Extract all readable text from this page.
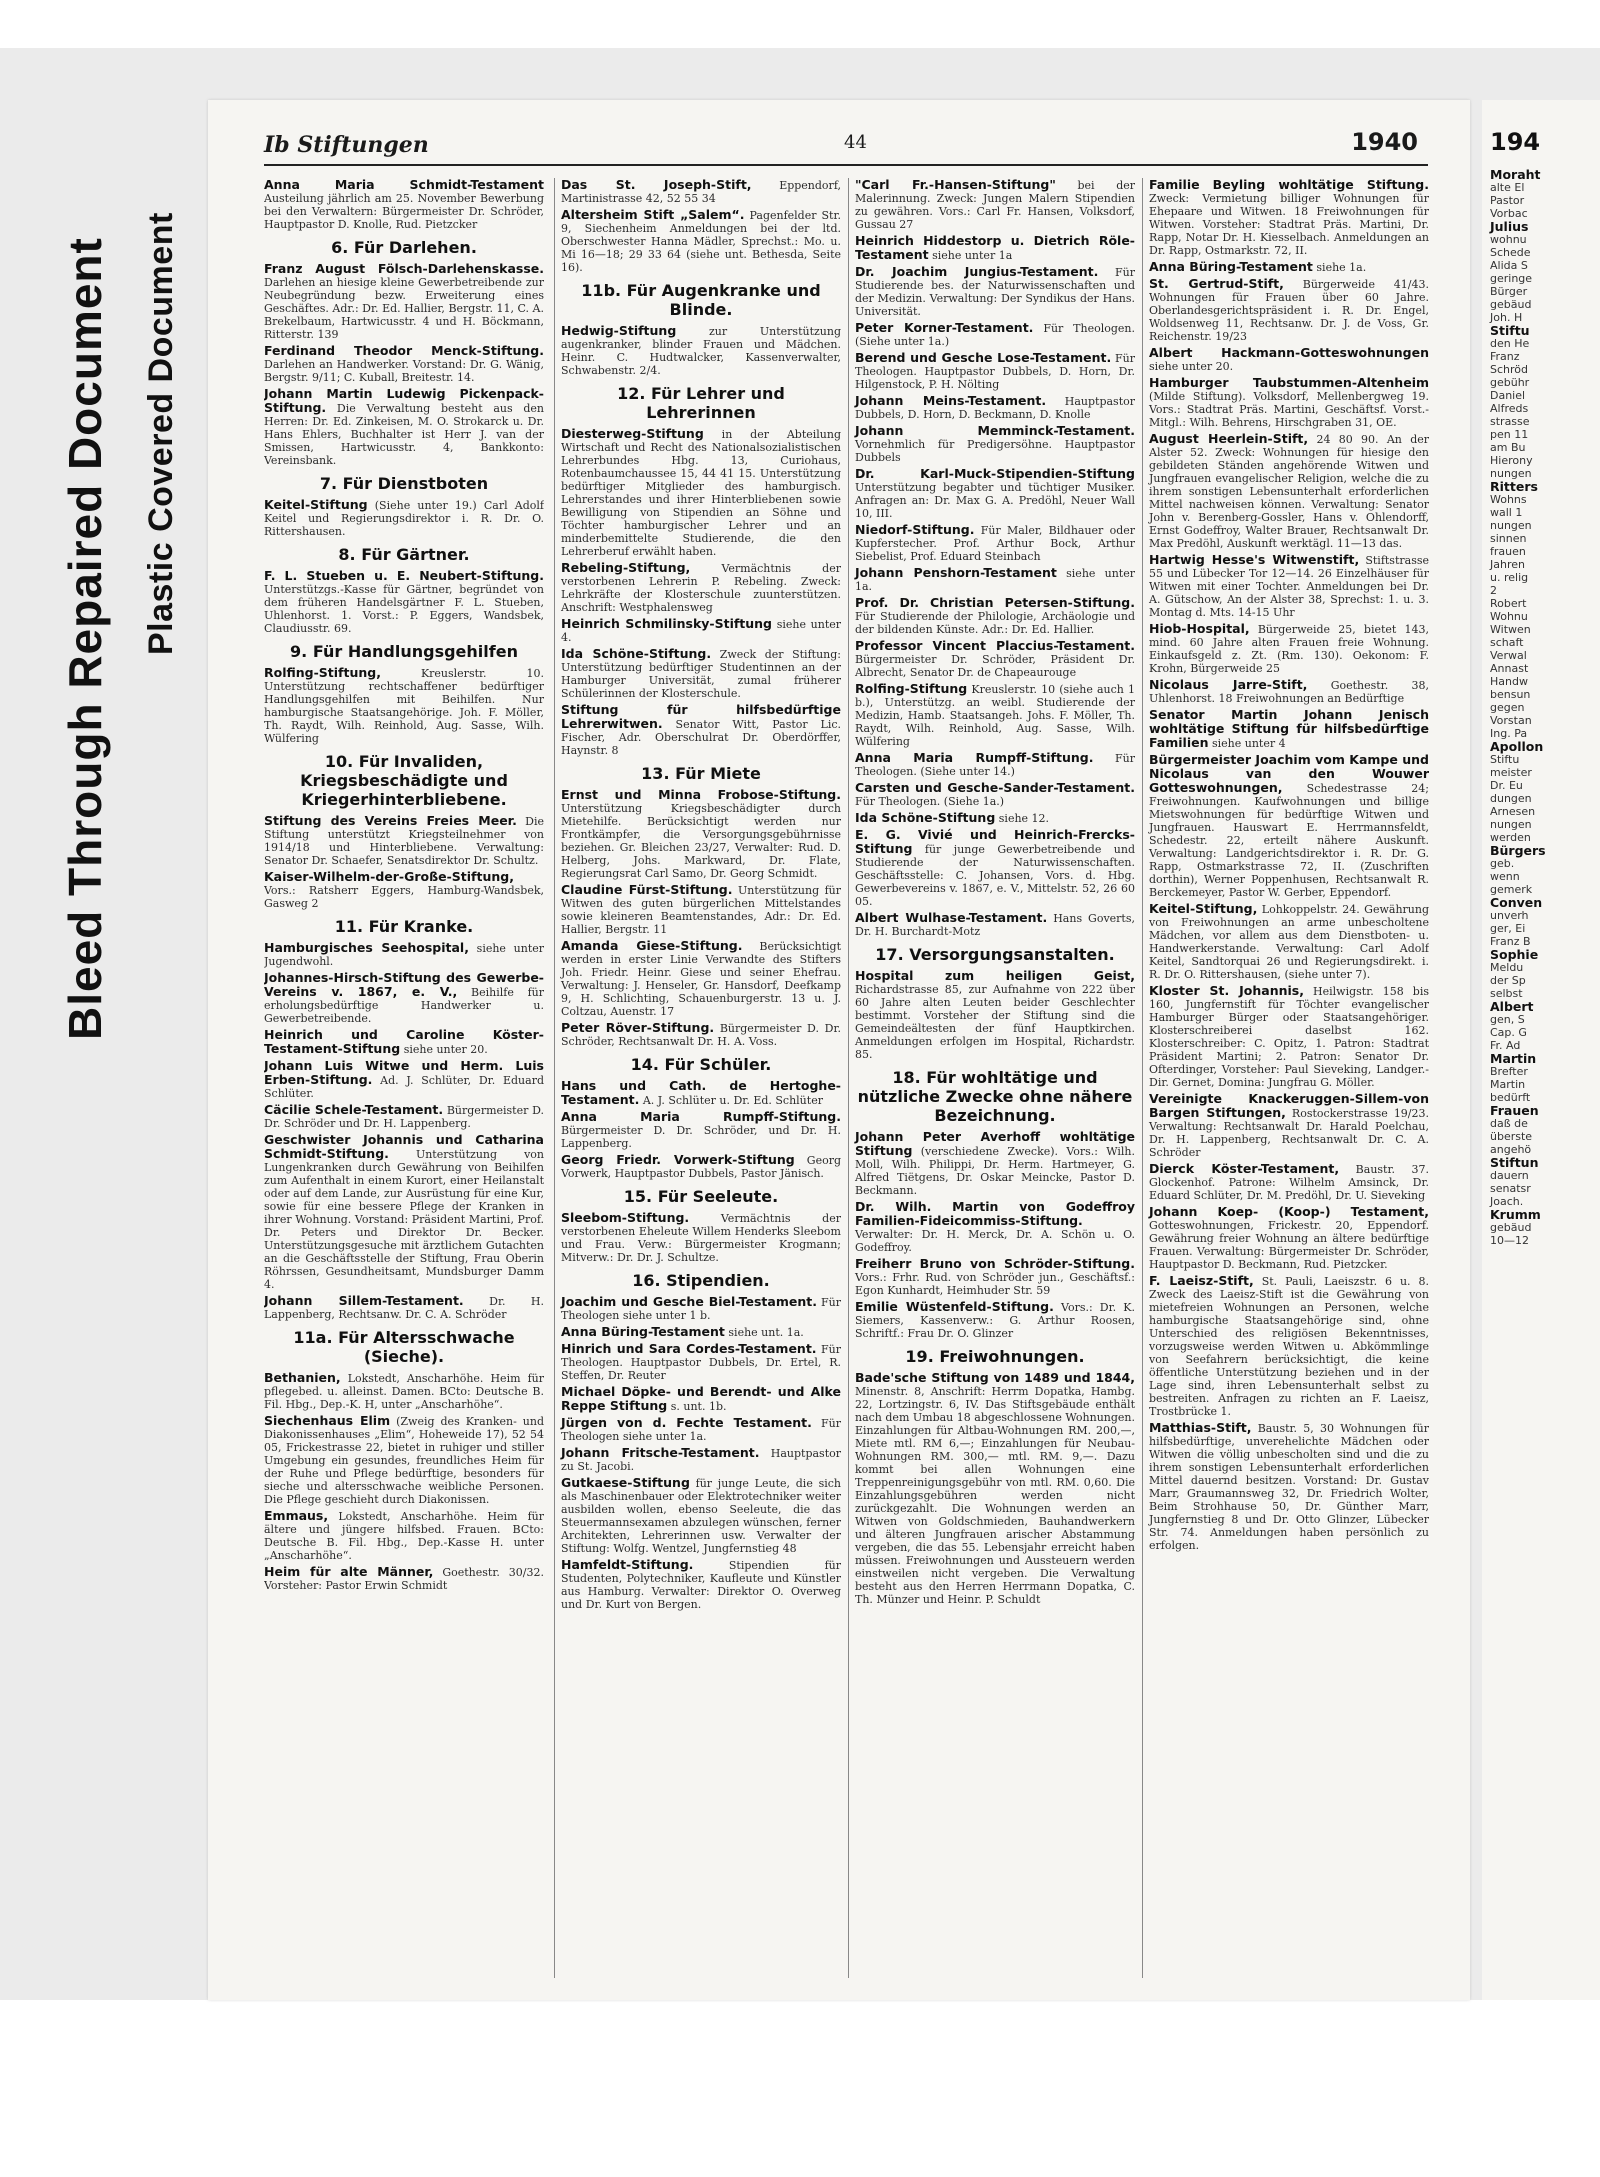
Bleed Through Repaired Document Plastic Covered Document
Ib Stiftungen	44	1940
Anna Maria Schmidt-Testament Austeilung jährlich am 25. November Bewerbung bei den Verwaltern: Bürgermeister Dr. Schröder, Hauptpastor D. Knolle, Rud. Pietzcker
6. Für Darlehen.
Franz August Fölsch-Darlehenskasse. Darlehen an hiesige kleine Gewerbetreibende zur Neubegründung bezw. Erweiterung eines Geschäftes. Adr.: Dr. Ed. Hallier, Bergstr. 11, C. A. Brekelbaum, Hartwicusstr. 4 und H. Böckmann, Ritterstr. 139
Ferdinand Theodor Menck-Stiftung. Darlehen an Handwerker. Vorstand: Dr. G. Wänig, Bergstr. 9/11; C. Kuball, Breitestr. 14.
Johann Martin Ludewig Pickenpack-Stiftung. Die Verwaltung besteht aus den Herren: Dr. Ed. Zinkeisen, M. O. Strokarck u. Dr. Hans Ehlers, Buchhalter ist Herr J. van der Smissen, Hartwicusstr. 4, Bankkonto: Vereinsbank.
7. Für Dienstboten
Keitel-Stiftung (Siehe unter 19.) Carl Adolf Keitel und Regierungsdirektor i. R. Dr. O. Rittershausen.
8. Für Gärtner.
F. L. Stueben u. E. Neubert-Stiftung. Unterstützgs.-Kasse für Gärtner, begründet von dem früheren Handelsgärtner F. L. Stueben, Uhlenhorst. 1. Vorst.: P. Eggers, Wandsbek, Claudiusstr. 69.
9. Für Handlungsgehilfen
Rolfing-Stiftung,	Kreuslerstr. 10. Unterstützung rechtschaffener bedürftiger Handlungsgehilfen mit Beihilfen. Nur hamburgische Staatsangehörige. Joh. F. Möller, Th. Raydt, Wilh. Reinhold, Aug. Sasse, Wilh. Wülfering
10. Für Invaliden, Kriegsbeschädigte und Kriegerhinterbliebene.
Stiftung des Vereins Freies Meer. Die Stiftung unterstützt Kriegsteilnehmer von 1914/18 und Hinterbliebene. Verwaltung: Senator Dr. Schaefer, Senatsdirektor Dr. Schultz.
Kaiser-Wilhelm-der-Große-Stiftung, Vors.: Ratsherr Eggers, Hamburg-Wandsbek, Gasweg 2
11. Für Kranke.
Hamburgisches Seehospital, siehe unter Jugendwohl.
Johannes-Hirsch-Stiftung des Gewerbe-Vereins v. 1867, e. V., Beihilfe für erholungsbedürftige Handwerker u. Gewerbetreibende.
Heinrich und Caroline Köster-Testament-Stiftung siehe unter 20.
Johann Luis Witwe und Herm. Luis Erben-Stiftung. Ad. J. Schlüter, Dr. Eduard Schlüter.
Cäcilie Schele-Testament. Bürgermeister D. Dr. Schröder und Dr. H. Lappenberg.
Geschwister Johannis und Catharina Schmidt-Stiftung. Unterstützung von Lungenkranken durch Gewährung von Beihilfen zum Aufenthalt in einem Kurort, einer Heilanstalt oder auf dem Lande, zur Ausrüstung für eine Kur, sowie für eine bessere Pflege der Kranken in ihrer Wohnung. Vorstand: Präsident Martini, Prof. Dr. Peters und Direktor Dr. Becker. Unterstützungsgesuche mit ärztlichem Gutachten an die Geschäftsstelle der Stiftung, Frau Oberin Röhrssen, Gesundheitsamt, Mundsburger Damm 4.
Johann Sillem-Testament. Dr. H. Lappenberg, Rechtsanw. Dr. C. A. Schröder
11a. Für Altersschwache (Sieche).
Bethanien, Lokstedt, Anscharhöhe. Heim für pflegebed. u. alleinst. Damen. BCto: Deutsche B. Fil. Hbg., Dep.-K. H, unter „Anscharhöhe“.
Siechenhaus Elim (Zweig des Kranken- und Diakonissenhauses „Elim“, Hoheweide 17), 52 54 05, Frickestrasse 22, bietet in ruhiger und stiller Umgebung ein gesundes, freundliches Heim für der Ruhe und Pflege bedürftige, besonders für sieche und altersschwache weibliche Personen. Die Pflege geschieht durch Diakonissen.
Emmaus, Lokstedt, Anscharhöhe. Heim für ältere und jüngere hilfsbed. Frauen. BCto: Deutsche B. Fil. Hbg., Dep.-Kasse H. unter „Anscharhöhe“.
Heim für alte Männer, Goethestr. 30/32. Vorsteher: Pastor Erwin Schmidt
Das St. Joseph-Stift,	Eppendorf, Martinistrasse 42, 52 55 34
Altersheim Stift „Salem“. Pagenfelder Str. 9, Siechenheim Anmeldungen bei der ltd. Oberschwester Hanna Mädler, Sprechst.: Mo. u. Mi 16—18; 29 33 64 (siehe unt. Bethesda, Seite 16).
11b. Für Augenkranke und Blinde.
Hedwig-Stiftung	zur Unterstützung augenkranker, blinder Frauen und Mädchen. Heinr. C. Hudtwalcker, Kassenverwalter, Schwabenstr. 2/4.
12. Für Lehrer und Lehrerinnen
Diesterweg-Stiftung in der Abteilung Wirtschaft und Recht des Nationalsozialistischen Lehrerbundes Hbg. 13, Curiohaus, Rotenbaumchaussee 15, 44 41 15. Unterstützung bedürftiger Mitglieder des hamburgisch. Lehrerstandes und ihrer Hinterbliebenen sowie Bewilligung von Stipendien an Söhne und Töchter hamburgischer Lehrer und an minderbemittelte Studierende, die den Lehrerberuf erwählt haben.
Rebeling-Stiftung,	Vermächtnis der verstorbenen Lehrerin P. Rebeling. Zweck: Lehrkräfte der Klosterschule zuunterstützen. Anschrift: Westphalensweg
Heinrich Schmilinsky-Stiftung siehe unter 4.
Ida Schöne-Stiftung. Zweck der Stiftung: Unterstützung bedürftiger Studentinnen an der Hamburger Universität, zumal früherer Schülerinnen der Klosterschule.
Stiftung für hilfsbedürftige Lehrerwitwen. Senator Witt, Pastor Lic. Fischer, Adr. Oberschulrat Dr. Oberdörffer, Haynstr. 8
13. Für Miete
Ernst und Minna Frobose-Stiftung. Unterstützung Kriegsbeschädigter durch Mietehilfe. Berücksichtigt werden nur Frontkämpfer, die Versorgungsgebührnisse beziehen. Gr. Bleichen 23/27, Verwalter: Rud. D. Helberg, Johs. Markward, Dr. Flate, Regierungsrat Carl Samo, Dr. Georg Schmidt.
Claudine Fürst-Stiftung. Unterstützung für Witwen des guten bürgerlichen Mittelstandes sowie kleineren Beamtenstandes, Adr.: Dr. Ed. Hallier, Bergstr. 11
Amanda Giese-Stiftung. Berücksichtigt werden in erster Linie Verwandte des Stifters Joh. Friedr. Heinr. Giese und seiner Ehefrau. Verwaltung: J. Henseler, Gr. Hansdorf, Deefkamp 9, H. Schlichting, Schauenburgerstr. 13 u. J. Coltzau, Auenstr. 17
Peter Röver-Stiftung. Bürgermeister D. Dr. Schröder, Rechtsanwalt Dr. H. A. Voss.
14. Für Schüler.
Hans und Cath. de Hertoghe-Testament. A. J. Schlüter u. Dr. Ed. Schlüter
Anna Maria Rumpff-Stiftung. Bürgermeister D. Dr. Schröder, und Dr. H. Lappenberg.
Georg Friedr. Vorwerk-Stiftung Georg Vorwerk, Hauptpastor Dubbels, Pastor Jänisch.
15. Für Seeleute.
Sleebom-Stiftung.	Vermächtnis der verstorbenen Eheleute Willem Henderks Sleebom und Frau. Verw.: Bürgermeister Krogmann; Mitverw.: Dr. Dr. J. Schultze.
16. Stipendien.
Joachim und Gesche Biel-Testament. Für Theologen siehe unter 1 b.
Anna Büring-Testament siehe unt. 1a.
Hinrich und Sara Cordes-Testament. Für Theologen. Hauptpastor Dubbels, Dr. Ertel, R. Steffen, Dr. Reuter
Michael Döpke- und Berendt- und Alke Reppe Stiftung s. unt. 1b.
Jürgen von d. Fechte Testament. Für Theologen siehe unter 1a.
Johann Fritsche-Testament. Hauptpastor zu St. Jacobi.
Gutkaese-Stiftung für junge Leute, die sich als Maschinenbauer oder Elektrotechniker weiter ausbilden wollen, ebenso Seeleute, die das Steuermannsexamen abzulegen wünschen, ferner Architekten, Lehrerinnen usw. Verwalter der Stiftung: Wolfg. Wentzel, Jungfernstieg 48
Hamfeldt-Stiftung.	Stipendien für Studenten, Polytechniker, Kaufleute und Künstler aus Hamburg. Verwalter: Direktor O. Overweg und Dr. Kurt von Bergen.
"Carl Fr.-Hansen-Stiftung" bei der Malerinnung. Zweck: Jungen Malern Stipendien zu gewähren. Vors.: Carl Fr. Hansen, Volksdorf, Gussau 27
Heinrich Hiddestorp u. Dietrich Röle-Testament siehe unter 1a
Dr. Joachim Jungius-Testament. Für Studierende bes. der Naturwissenschaften und der Medizin. Verwaltung: Der Syndikus der Hans. Universität.
Peter Korner-Testament. Für Theologen. (Siehe unter 1a.)
Berend und Gesche Lose-Testament. Für Theologen. Hauptpastor Dubbels, D. Horn, Dr. Hilgenstock, P. H. Nölting
Johann Meins-Testament. Hauptpastor Dubbels, D. Horn, D. Beckmann, D. Knolle
Johann Memminck-Testament. Vornehmlich für Predigersöhne. Hauptpastor Dubbels
Dr. Karl-Muck-Stipendien-Stiftung Unterstützung begabter und tüchtiger Musiker. Anfragen an: Dr. Max G. A. Predöhl, Neuer Wall 10, III.
Niedorf-Stiftung. Für Maler, Bildhauer oder Kupferstecher. Prof. Arthur Bock, Arthur Siebelist, Prof. Eduard Steinbach
Johann Penshorn-Testament siehe unter 1a.
Prof. Dr. Christian Petersen-Stiftung. Für Studierende der Philologie, Archäologie und der bildenden Künste. Adr.: Dr. Ed. Hallier.
Professor Vincent Placcius-Testament. Bürgermeister Dr. Schröder, Präsident Dr. Albrecht, Senator Dr. de Chapeaurouge
Rolfing-Stiftung Kreuslerstr. 10 (siehe auch 1 b.), Unterstützg. an weibl. Studierende der Medizin, Hamb. Staatsangeh. Johs. F. Möller, Th. Raydt, Wilh. Reinhold, Aug. Sasse, Wilh. Wülfering
Anna Maria Rumpff-Stiftung. Für Theologen. (Siehe unter 14.)
Carsten und Gesche-Sander-Testament. Für Theologen. (Siehe 1a.)
Ida Schöne-Stiftung siehe 12.
E. G. Vivié und Heinrich-Frercks-Stiftung für junge Gewerbetreibende und Studierende der Naturwissenschaften. Geschäftsstelle: C. Johansen, Vors. d. Hbg. Gewerbevereins v. 1867, e. V., Mittelstr. 52, 26 60 05.
Albert Wulhase-Testament. Hans Goverts, Dr. H. Burchardt-Motz
17. Versorgungsanstalten.
Hospital zum heiligen Geist, Richardstrasse 85, zur Aufnahme von 222 über 60 Jahre alten Leuten beider Geschlechter bestimmt. Vorsteher der Stiftung sind die Gemeindeältesten der fünf Hauptkirchen. Anmeldungen erfolgen im Hospital, Richardstr. 85.
18. Für wohltätige und nützliche Zwecke ohne nähere Bezeichnung.
Johann Peter Averhoff wohltätige Stiftung (verschiedene Zwecke). Vors.: Wilh. Moll, Wilh. Philippi, Dr. Herm. Hartmeyer, G. Alfred Tiëtgens, Dr. Oskar Meincke, Pastor D. Beckmann.
Dr. Wilh. Martin von Godeffroy Familien-Fideicommiss-Stiftung. Verwalter: Dr. H. Merck, Dr. A. Schön u. O. Godeffroy.
Freiherr Bruno von Schröder-Stiftung. Vors.: Frhr. Rud. von Schröder jun., Geschäftsf.: Egon Kunhardt, Heimhuder Str. 59
Emilie Wüstenfeld-Stiftung. Vors.: Dr. K. Siemers, Kassenverw.: G. Arthur Roosen, Schriftf.: Frau Dr. O. Glinzer
19. Freiwohnungen.
Bade'sche Stiftung von 1489 und 1844, Minenstr. 8, Anschrift: Herrm Dopatka, Hambg. 22, Lortzingstr. 6, IV. Das Stiftsgebäude enthält nach dem Umbau 18 abgeschlossene Wohnungen. Einzahlungen für Altbau-Wohnungen RM. 200,—, Miete mtl. RM 6,—; Einzahlungen für Neubau-Wohnungen RM. 300,— mtl. RM. 9,—. Dazu kommt bei allen Wohnungen eine Treppenreinigungsgebühr von mtl. RM. 0,60. Die Einzahlungsgebühren werden nicht zurückgezahlt. Die Wohnungen werden an Witwen von Goldschmieden, Bauhandwerkern und älteren Jungfrauen arischer Abstammung vergeben, die das 55. Lebensjahr erreicht haben müssen. Freiwohnungen und Aussteuern werden einstweilen nicht vergeben. Die Verwaltung besteht aus den Herren Herrmann Dopatka, C. Th. Münzer und Heinr. P. Schuldt
Familie Beyling wohltätige Stiftung. Zweck: Vermietung billiger Wohnungen für Ehepaare und Witwen. 18 Freiwohnungen für Witwen. Vorsteher: Stadtrat Präs. Martini, Dr. Rapp, Notar Dr. H. Kiesselbach. Anmeldungen an Dr. Rapp, Ostmarkstr. 72, II.
Anna Büring-Testament siehe 1a.
St. Gertrud-Stift, Bürgerweide 41/43. Wohnungen für Frauen über 60 Jahre. Oberlandesgerichtspräsident i. R. Dr. Engel, Woldsenweg 11, Rechtsanw. Dr. J. de Voss, Gr. Reichenstr. 19/23
Albert Hackmann-Gotteswohnungen siehe unter 20.
Hamburger Taubstummen-Altenheim (Milde Stiftung). Volksdorf, Mellenbergweg 19. Vors.: Stadtrat Präs. Martini, Geschäftsf. Vorst.-Mitgl.: Wilh. Behrens, Hirschgraben 31, OE.
August Heerlein-Stift, 24 80 90. An der Alster 52. Zweck: Wohnungen für hiesige den gebildeten Ständen angehörende Witwen und Jungfrauen evangelischer Religion, welche die zu ihrem sonstigen Lebensunterhalt erforderlichen Mittel nachweisen können. Verwaltung: Senator John v. Berenberg-Gossler, Hans v. Ohlendorff, Ernst Godeffroy, Walter Brauer, Rechtsanwalt Dr. Max Predöhl, Auskunft werktägl. 11—13 das.
Hartwig Hesse's Witwenstift, Stiftstrasse 55 und Lübecker Tor 12—14. 26 Einzelhäuser für Witwen mit einer Tochter. Anmeldungen bei Dr. A. Gütschow, An der Alster 38, Sprechst: 1. u. 3. Montag d. Mts. 14-15 Uhr
Hiob-Hospital, Bürgerweide 25, bietet 143, mind. 60 Jahre alten Frauen freie Wohnung. Einkaufsgeld z. Zt. (Rm. 130). Oekonom: F. Krohn, Bürgerweide 25
Nicolaus Jarre-Stift, Goethestr. 38, Uhlenhorst. 18 Freiwohnungen an Bedürftige
Senator Martin Johann Jenisch wohltätige Stiftung für hilfsbedürftige Familien siehe unter 4
Bürgermeister Joachim vom Kampe und Nicolaus van den Wouwer Gotteswohnungen, Schedestrasse 24; Freiwohnungen. Kaufwohnungen und billige Mietswohnungen für bedürftige Witwen und Jungfrauen. Hauswart E. Herrmannsfeldt, Schedestr. 22, erteilt nähere Auskunft. Verwaltung: Landgerichtsdirektor i. R. Dr. G. Rapp, Ostmarkstrasse 72, II. (Zuschriften dorthin), Werner Poppenhusen, Rechtsanwalt R. Berckemeyer, Pastor W. Gerber, Eppendorf.
Keitel-Stiftung, Lohkoppelstr. 24. Gewährung von Freiwohnungen an arme unbescholtene Mädchen, vor allem aus dem Dienstboten- u. Handwerkerstande. Verwaltung: Carl Adolf Keitel, Sandtorquai 26 und Regierungsdirekt. i. R. Dr. O. Rittershausen, (siehe unter 7).
Kloster St. Johannis, Heilwigstr. 158 bis 160, Jungfernstift für Töchter evangelischer Hamburger Bürger oder Staatsangehöriger. Klosterschreiberei daselbst 162. Klosterschreiber: C. Opitz, 1. Patron: Stadtrat Präsident Martini; 2. Patron: Senator Dr. Ofterdinger, Vorsteher: Paul Sieveking, Landger.-Dir. Gernet, Domina: Jungfrau G. Möller.
Vereinigte Knackeruggen-Sillem-von Bargen Stiftungen, Rostockerstrasse 19/23. Verwaltung: Rechtsanwalt Dr. Harald Poelchau, Dr. H. Lappenberg, Rechtsanwalt Dr. C. A. Schröder
Dierck Köster-Testament, Baustr. 37. Glockenhof. Patrone: Wilhelm Amsinck, Dr. Eduard Schlüter, Dr. M. Predöhl, Dr. U. Sieveking
Johann Koep- (Koop-) Testament, Gotteswohnungen, Frickestr. 20, Eppendorf. Gewährung freier Wohnung an ältere bedürftige Frauen. Verwaltung: Bürgermeister Dr. Schröder, Hauptpastor D. Beckmann, Rud. Pietzcker.
F. Laeisz-Stift, St. Pauli, Laeiszstr. 6 u. 8. Zweck des Laeisz-Stift ist die Gewährung von mietefreien Wohnungen an Personen, welche hamburgische Staatsangehörige sind, ohne Unterschied des religiösen Bekenntnisses, vorzugsweise werden Witwen u. Abkömmlinge von Seefahrern berücksichtigt, die keine öffentliche Unterstützung beziehen und in der Lage sind, ihren Lebensunterhalt selbst zu bestreiten. Anfragen zu richten an F. Laeisz, Trostbrücke 1.
Matthias-Stift, Baustr. 5, 30 Wohnungen für hilfsbedürftige, unverehelichte Mädchen oder Witwen die völlig unbescholten sind und die zu ihrem sonstigen Lebensunterhalt erforderlichen Mittel dauernd besitzen. Vorstand: Dr. Gustav Marr, Graumannsweg 32, Dr. Friedrich Wolter, Beim Strohhause 50, Dr. Günther Marr, Jungfernstieg 8 und Dr. Otto Glinzer, Lübecker Str. 74. Anmeldungen haben persönlich zu erfolgen.
194
Moraht
alte El
Pastor
Vorbac
Julius
wohnu
Schede
Alida S
geringe
Bürger
gebäud
Joh. H
Stiftu
den He
Franz
Schröd
gebühr
Daniel
Alfreds
strasse
pen 11
am Bu
Hierony
nungen
Ritters
Wohns
wall 1
nungen
sinnen
frauen
Jahren
u. relig
2
Robert
Wohnu
Witwen
schaft
Verwal
Annast
Handw
bensun
gegen
Vorstan
Ing. Pa
Apollon
Stiftu
meister
Dr. Eu
dungen
Arnesen
nungen
werden
Bürgers
geb.
wenn
gemerk
Conven
unverh
ger, Ei
Franz B
Sophie
Meldu
der Sp
selbst
Albert
gen, S
Cap. G
Fr. Ad
Martin
Brefter
Martin
bedürft
Frauen
daß de
überste
angehö
Stiftun
dauern
senatsr
Joach.
Krumm
gebäud
10—12
